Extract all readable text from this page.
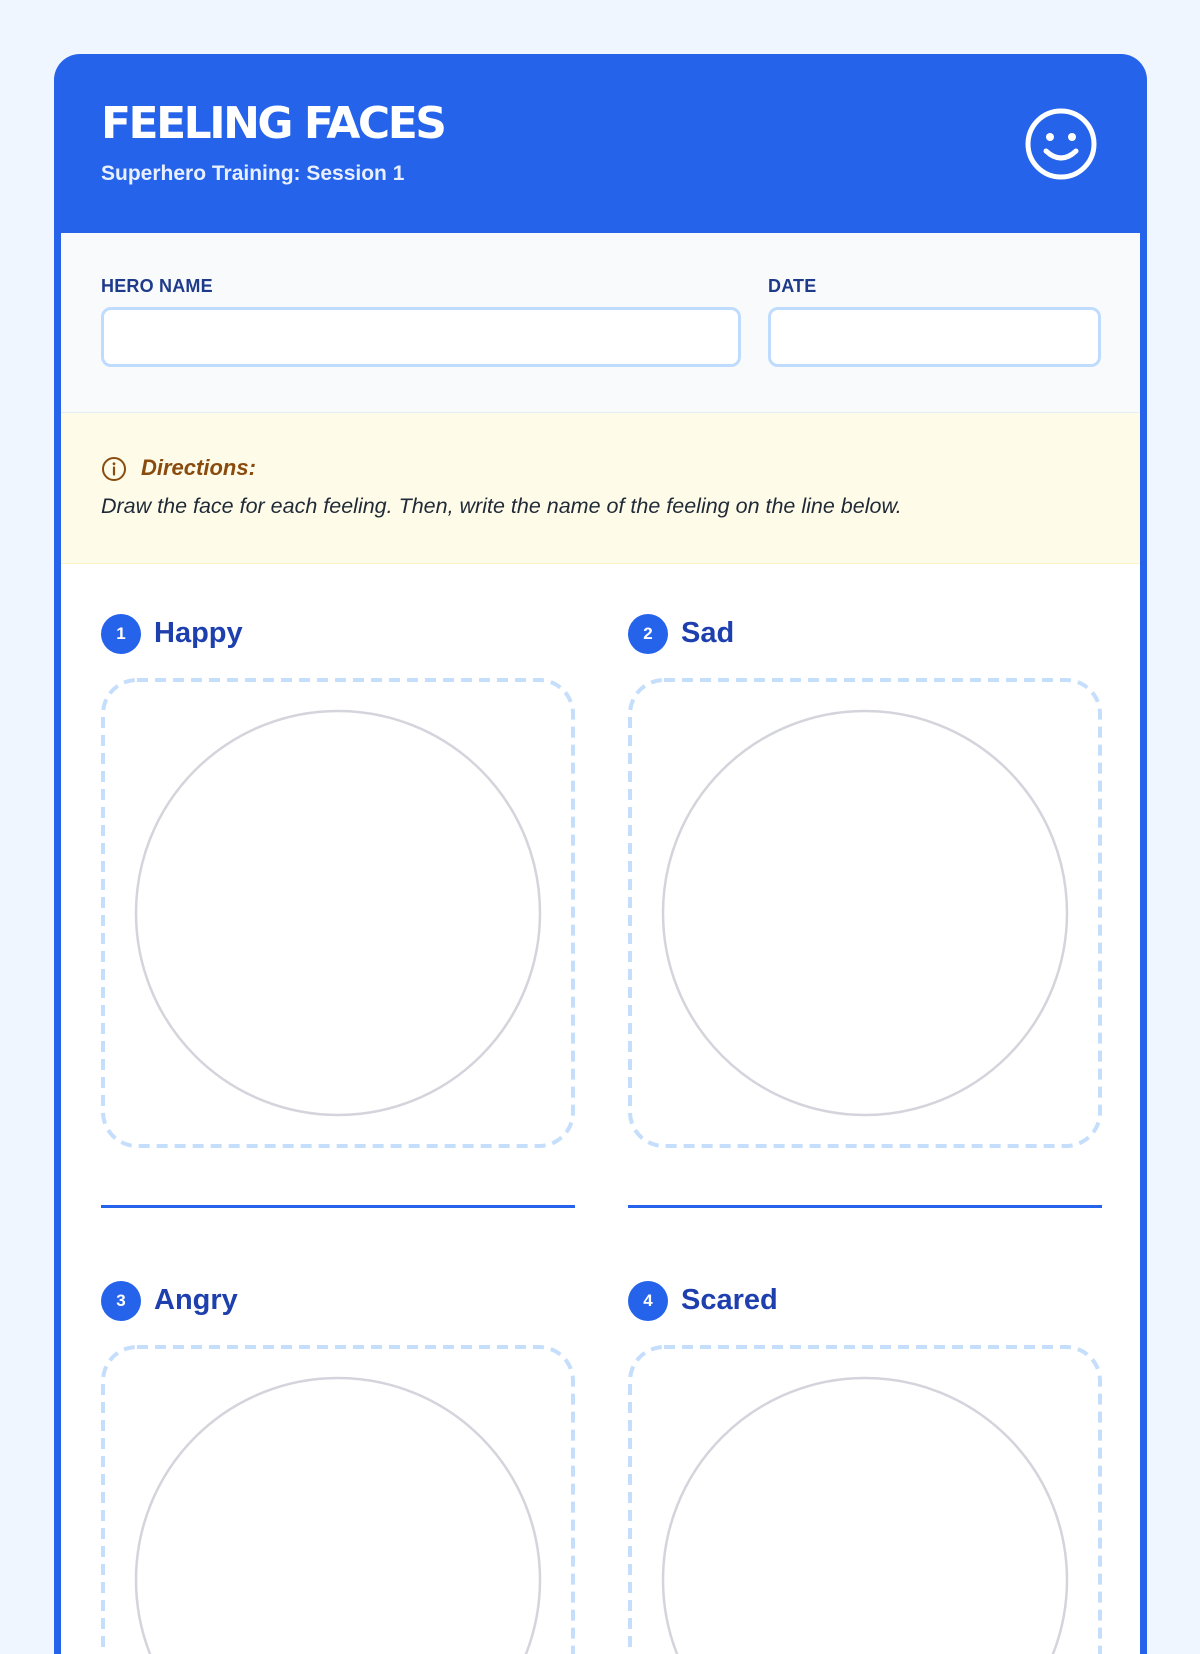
FEELING FACES

Superhero Training: Session 1

HERO NAME	DATE
Directions:
Draw the face for each feeling. Then, write the name of the feeling on the line below.
1 Happy	2 Sad
3 Angry	4 Scared
